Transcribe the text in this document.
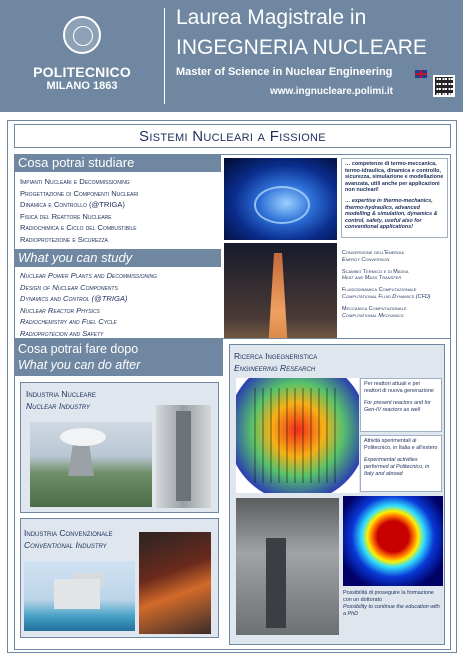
POLITECNICO
MILANO 1863
Laurea Magistrale in
INGEGNERIA NUCLEARE
Master of Science in Nuclear Engineering
www.ingnucleare.polimi.it
Sistemi Nucleari a Fissione
Cosa potrai studiare
Impianti Nucleari e Decommissioning
Progettazione di Componenti Nucleari
Dinamica e Controllo (@TRIGA)
Fisica del Reattore Nucleare
Radiochimica e Ciclo del Combustibile
Radioprotezione e Sicurezza
What you can study
Nuclear Power Plants and Decommissioning
Design of Nuclear Components
Dynamics and Control (@TRIGA)
Nuclear Reactor Physics
Radiochemistry and Fuel Cycle
Radioprotecion and Safety
… competenze di termo-meccanica, termo-idraulica, dinamica e controllo, sicurezza, simulazione e modellazione avanzata, utili anche per applicazioni non nucleari!
… expertise in thermo-mechanics, thermo-hydraulics, advanced modelling & simulation, dynamics & control, safety, useful also for conventional applications!
Conversione dell'Energia
Energy Conversion
Scambio Termico e di Massa
Heat and Mass Transfer
Fluidodinamica Computazionale
Computational Fluid Dynamics (CFD)
Meccanica Computazionale
Computational Mechanics
Cosa potrai fare dopo
What you can do after
Industria Nucleare
Nuclear Industry
Industria Convenzionale
Conventional Industry
Ricerca Ingegneristica
Engineering Research
Per reattori attuali e per reattori di nuova generazione
For present reactors and for Gen-IV reactors as well
Attività sperimentali al Politecnico, in Italia e all'estero
Experimental activities performed at Politecnico, in Italy and abroad
Possibilità di proseguire la formazione con un dottorato
Possibility to continue the education with a PhD
